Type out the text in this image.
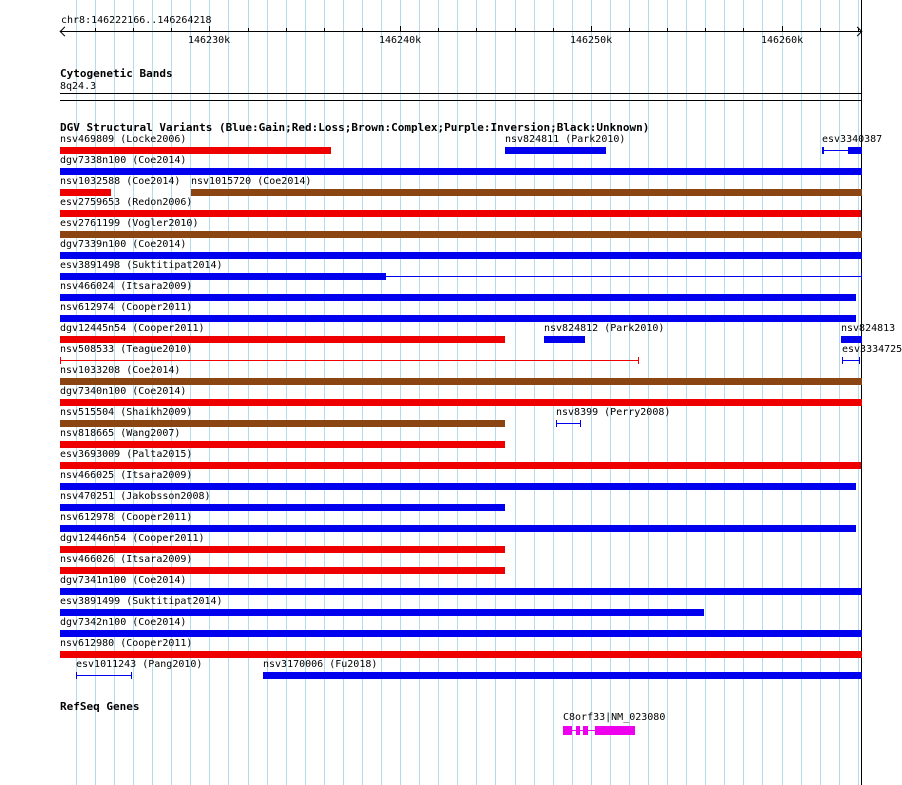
chr8:146222166..146264218
146230k	146240k	146250k	146260k
Cytogenetic Bands
8q24.3
DGV Structural Variants (Blue:Gain;Red:Loss;Brown:Complex;Purple:Inversion;Black:Unknown)
nsv469809 (Locke2006)	nsv824811 (Park2010)	esv3340387
dgv7338n100 (Coe2014)
nsv1032588 (Coe2014) nsv1015720 (Coe2014)
esv2759653 (Redon2006)
esv2761199 (Vogler2010)
dgv7339n100 (Coe2014)
esv3891498 (Suktitipat2014)
nsv466024 (Itsara2009)
nsv612974 (Cooper2011)
dgv12445n54 (Cooper2011)	nsv824812 (Park2010)	nsv824813
nsv508533 (Teague2010)	esv3334725
nsv1033208 (Coe2014)
dgv7340n100 (Coe2014)
nsv515504 (Shaikh2009)	nsv8399 (Perry2008)
nsv818665 (Wang2007)
esv3693009 (Palta2015)
nsv466025 (Itsara2009)
nsv470251 (Jakobsson2008)
nsv612978 (Cooper2011)
dgv12446n54 (Cooper2011)
nsv466026 (Itsara2009)
dgv7341n100 (Coe2014)
esv3891499 (Suktitipat2014)
dgv7342n100 (Coe2014)
nsv612980 (Cooper2011)
esv1011243 (Pang2010)	nsv3170006 (Fu2018)
RefSeq Genes
C8orf33|NM_023080
